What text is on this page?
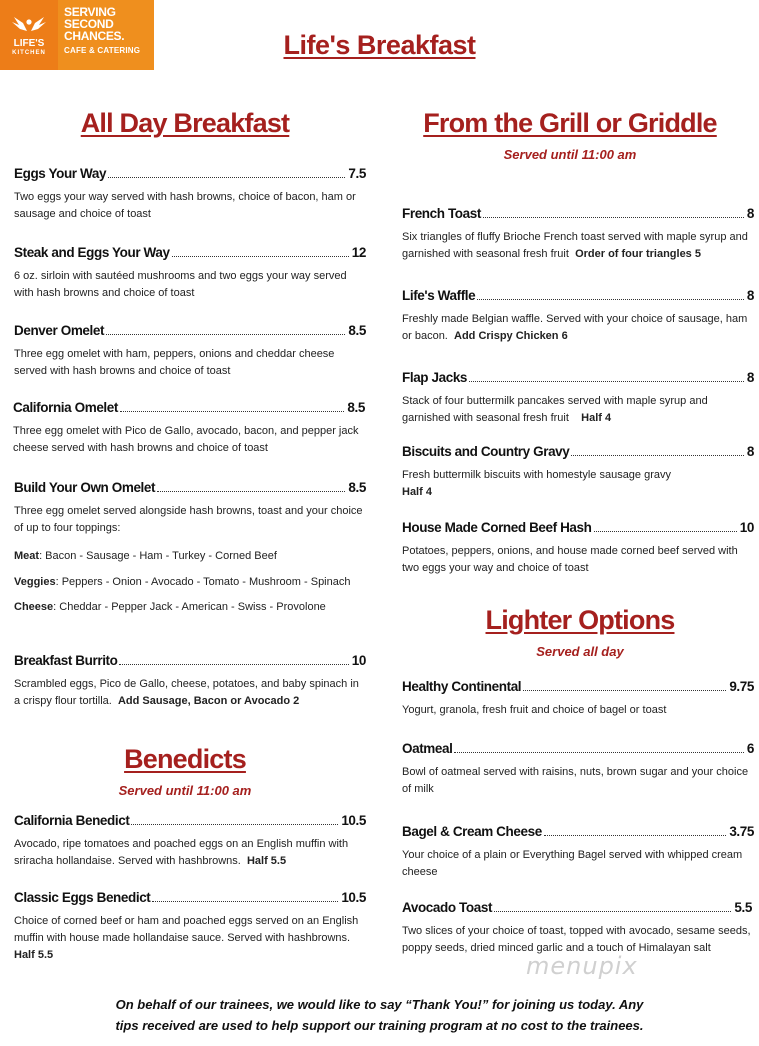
LIFE'S
KITCHEN
SERVING
SECOND
CHANCES.
CAFE & CATERING	Life's Breakfast
All Day Breakfast
Eggs Your Way	7.5
Two eggs your way served with hash browns, choice of bacon, ham or sausage and choice of toast
Steak and Eggs Your Way	12
6 oz. sirloin with sautéed mushrooms and two eggs your way served with hash browns and choice of toast
Denver Omelet	8.5
Three egg omelet with ham, peppers, onions and cheddar cheese served with hash browns and choice of toast
California Omelet	8.5
Three egg omelet with Pico de Gallo, avocado, bacon, and pepper jack cheese served with hash browns and choice of toast
Build Your Own Omelet	8.5
Three egg omelet served alongside hash browns, toast and your choice of up to four toppings:
Meat: Bacon - Sausage - Ham - Turkey - Corned Beef
Veggies: Peppers - Onion - Avocado - Tomato - Mushroom - Spinach
Cheese: Cheddar - Pepper Jack - American - Swiss - Provolone
Breakfast Burrito	10
Scrambled eggs, Pico de Gallo, cheese, potatoes, and baby spinach in a crispy flour tortilla. Add Sausage, Bacon or Avocado 2
Benedicts
Served until 11:00 am
California Benedict	10.5
Avocado, ripe tomatoes and poached eggs on an English muffin with sriracha hollandaise. Served with hashbrowns. Half 5.5
Classic Eggs Benedict	10.5
Choice of corned beef or ham and poached eggs served on an English muffin with house made hollandaise sauce. Served with hashbrowns. Half 5.5
From the Grill or Griddle
Served until 11:00 am
French Toast	8
Six triangles of fluffy Brioche French toast served with maple syrup and garnished with seasonal fresh fruit Order of four triangles 5
Life's Waffle	8
Freshly made Belgian waffle. Served with your choice of sausage, ham or bacon. Add Crispy Chicken 6
Flap Jacks	8
Stack of four buttermilk pancakes served with maple syrup and garnished with seasonal fresh fruit Half 4
Biscuits and Country Gravy	8
Fresh buttermilk biscuits with homestyle sausage gravy
Half 4
House Made Corned Beef Hash	10
Potatoes, peppers, onions, and house made corned beef served with two eggs your way and choice of toast
Lighter Options
Served all day
Healthy Continental	9.75
Yogurt, granola, fresh fruit and choice of bagel or toast
Oatmeal	6
Bowl of oatmeal served with raisins, nuts, brown sugar and your choice of milk
Bagel & Cream Cheese	3.75
Your choice of a plain or Everything Bagel served with whipped cream cheese
Avocado Toast	5.5
Two slices of your choice of toast, topped with avocado, sesame seeds, poppy seeds, dried minced garlic and a touch of Himalayan salt
menupix
On behalf of our trainees, we would like to say “Thank You!” for joining us today. Any
tips received are used to help support our training program at no cost to the trainees.
